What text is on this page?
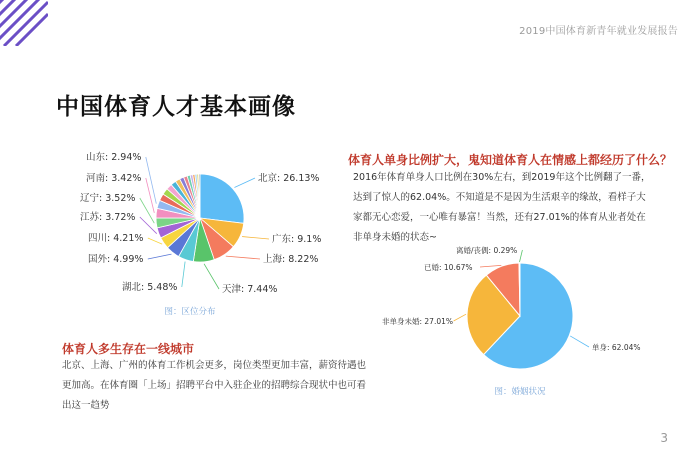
2019中国体育新青年就业发展报告
中国体育人才基本画像
体育人多生存在一线城市
北京、上海、广州的体育工作机会更多，岗位类型更加丰富，薪资待遇也更加高。在体育圈「上场」招聘平台中入驻企业的招聘综合现状中也可看出这一趋势
体育人单身比例扩大，鬼知道体育人在情感上都经历了什么？
2016年体育单身人口比例在30%左右，到2019年这个比例翻了一番，达到了惊人的62.04%。不知道是不是因为生活艰辛的缘故，看样子大家都无心恋爱，一心唯有暴富！当然，还有27.01%的体育从业者处在非单身未婚的状态~
北京: 26.13%
广东: 9.1%
上海: 8.22%
天津: 7.44%
湖北: 5.48%
国外: 4.99%
四川: 4.21%
江苏: 3.72%
辽宁: 3.52%
河南: 3.42%
山东: 2.94%
图：区位分布
单身: 62.04%
非单身未婚: 27.01%
已婚: 10.67%
离婚/丧偶: 0.29%
图：婚姻状况
3
